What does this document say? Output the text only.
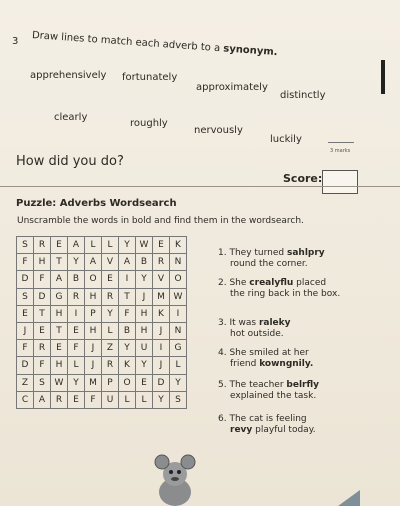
3 Draw lines to match each adverb to a synonym.
apprehensively fortunately
approximately
distinctly
clearly
roughly
nervously
luckily
3 marks
How did you do?
Score:
Puzzle: Adverbs Wordsearch
Unscramble the words in bold and find them in the wordsearch.
S	R	E	A	L	L	Y	W	E	K
F	H	T	Y	A	V	A	B	R	N
D	F	A	B	O	E	I	Y	V	O
S	D	G	R	H	R	T	J	M	W
E	T	H	I	P	Y	F	H	K	I
J	E	T	E	H	L	B	H	J	N
F	R	E	F	J	Z	Y	U	I	G
D	F	H	L	J	R	K	Y	J	L
Z	S	W	Y	M	P	O	E	D	Y
C	A	R	E	F	U	L	L	Y	S
1. They turned sahlpry
round the corner.
2. She crealyflu placed
the ring back in the box.
3. It was raleky
hot outside.
4. She smiled at her
friend kowngnily.
5. The teacher belrfly
explained the task.
6. The cat is feeling
revy playful today.
